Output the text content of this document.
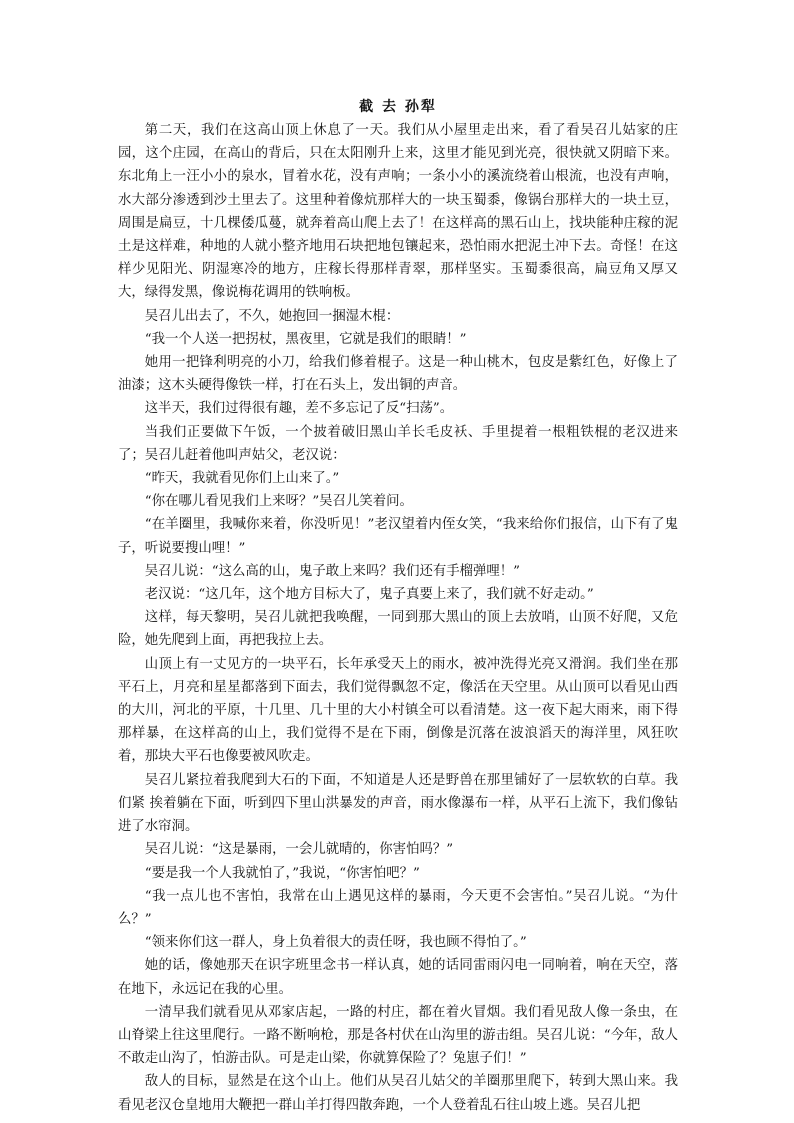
截 去 孙犁

第二天，我们在这高山顶上休息了一天。我们从小屋里走出来，看了看吴召儿姑家的庄园，这个庄园，在高山的背后，只在太阳刚升上来，这里才能见到光亮，很快就又阴暗下来。东北角上一汪小小的泉水，冒着水花，没有声响；一条小小的溪流绕着山根流，也没有声响，水大部分渗透到沙土里去了。这里种着像炕那样大的一块玉蜀黍，像锅台那样大的一块土豆，周围是扁豆，十几棵倭瓜蔓，就奔着高山爬上去了！在这样高的黑石山上，找块能种庄稼的泥土是这样难，种地的人就小整齐地用石块把地包镶起来，恐怕雨水把泥土冲下去。奇怪！在这样少见阳光、阴湿寒冷的地方，庄稼长得那样青翠，那样坚实。玉蜀黍很高，扁豆角又厚又大，绿得发黑，像说梅花调用的铁响板。

吴召儿出去了，不久，她抱回一捆湿木棍：

“我一个人送一把拐杖，黑夜里，它就是我们的眼睛！”

她用一把锋利明亮的小刀，给我们修着棍子。这是一种山桃木，包皮是紫红色，好像上了油漆；这木头硬得像铁一样，打在石头上，发出铜的声音。

这半天，我们过得很有趣，差不多忘记了反“扫荡”。

当我们正要做下午饭，一个披着破旧黑山羊长毛皮袄、手里提着一根粗铁棍的老汉进来了；吴召儿赶着他叫声姑父，老汉说：

“昨天，我就看见你们上山来了。”

“你在哪儿看见我们上来呀？”吴召儿笑着问。

“在羊圈里，我喊你来着，你没听见！”老汉望着内侄女笑，“我来给你们报信，山下有了鬼 子，听说要搜山哩！”

吴召儿说：“这么高的山，鬼子敢上来吗？我们还有手榴弹哩！”

老汉说：“这几年，这个地方目标大了，鬼子真要上来了，我们就不好走动。”

这样，每天黎明，吴召儿就把我唤醒，一同到那大黑山的顶上去放哨，山顶不好爬，又危险，她先爬到上面，再把我拉上去。

山顶上有一丈见方的一块平石，长年承受天上的雨水，被冲洗得光亮又滑润。我们坐在那平石上，月亮和星星都落到下面去，我们觉得飘忽不定，像活在天空里。从山顶可以看见山西的大川，河北的平原，十几里、几十里的大小村镇全可以看清楚。这一夜下起大雨来，雨下得那样暴，在这样高的山上，我们觉得不是在下雨，倒像是沉落在波浪滔天的海洋里，风狂吹着，那块大平石也像要被风吹走。

吴召儿紧拉着我爬到大石的下面，不知道是人还是野兽在那里铺好了一层软软的白草。我们紧 挨着躺在下面，听到四下里山洪暴发的声音，雨水像瀑布一样，从平石上流下，我们像钻进了水帘洞。

吴召儿说：“这是暴雨，一会儿就晴的，你害怕吗？”

“要是我一个人我就怕了，”我说，“你害怕吧？”

“我一点儿也不害怕，我常在山上遇见这样的暴雨，今天更不会害怕。”吴召儿说。“为什么？”

“领来你们这一群人，身上负着很大的责任呀，我也顾不得怕了。”

她的话，像她那天在识字班里念书一样认真，她的话同雷雨闪电一同响着，响在天空，落在地下，永远记在我的心里。

一清早我们就看见从邓家店起，一路的村庄，都在着火冒烟。我们看见敌人像一条虫，在山脊梁上往这里爬行。一路不断响枪，那是各村伏在山沟里的游击组。吴召儿说：“今年，敌人不敢走山沟了，怕游击队。可是走山梁，你就算保险了？兔崽子们！”

敌人的目标，显然是在这个山上。他们从吴召儿姑父的羊圈那里爬下，转到大黑山来。我看见老汉仓皇地用大鞭把一群山羊打得四散奔跑，一个人登着乱石往山坡上逃。吴召儿把
